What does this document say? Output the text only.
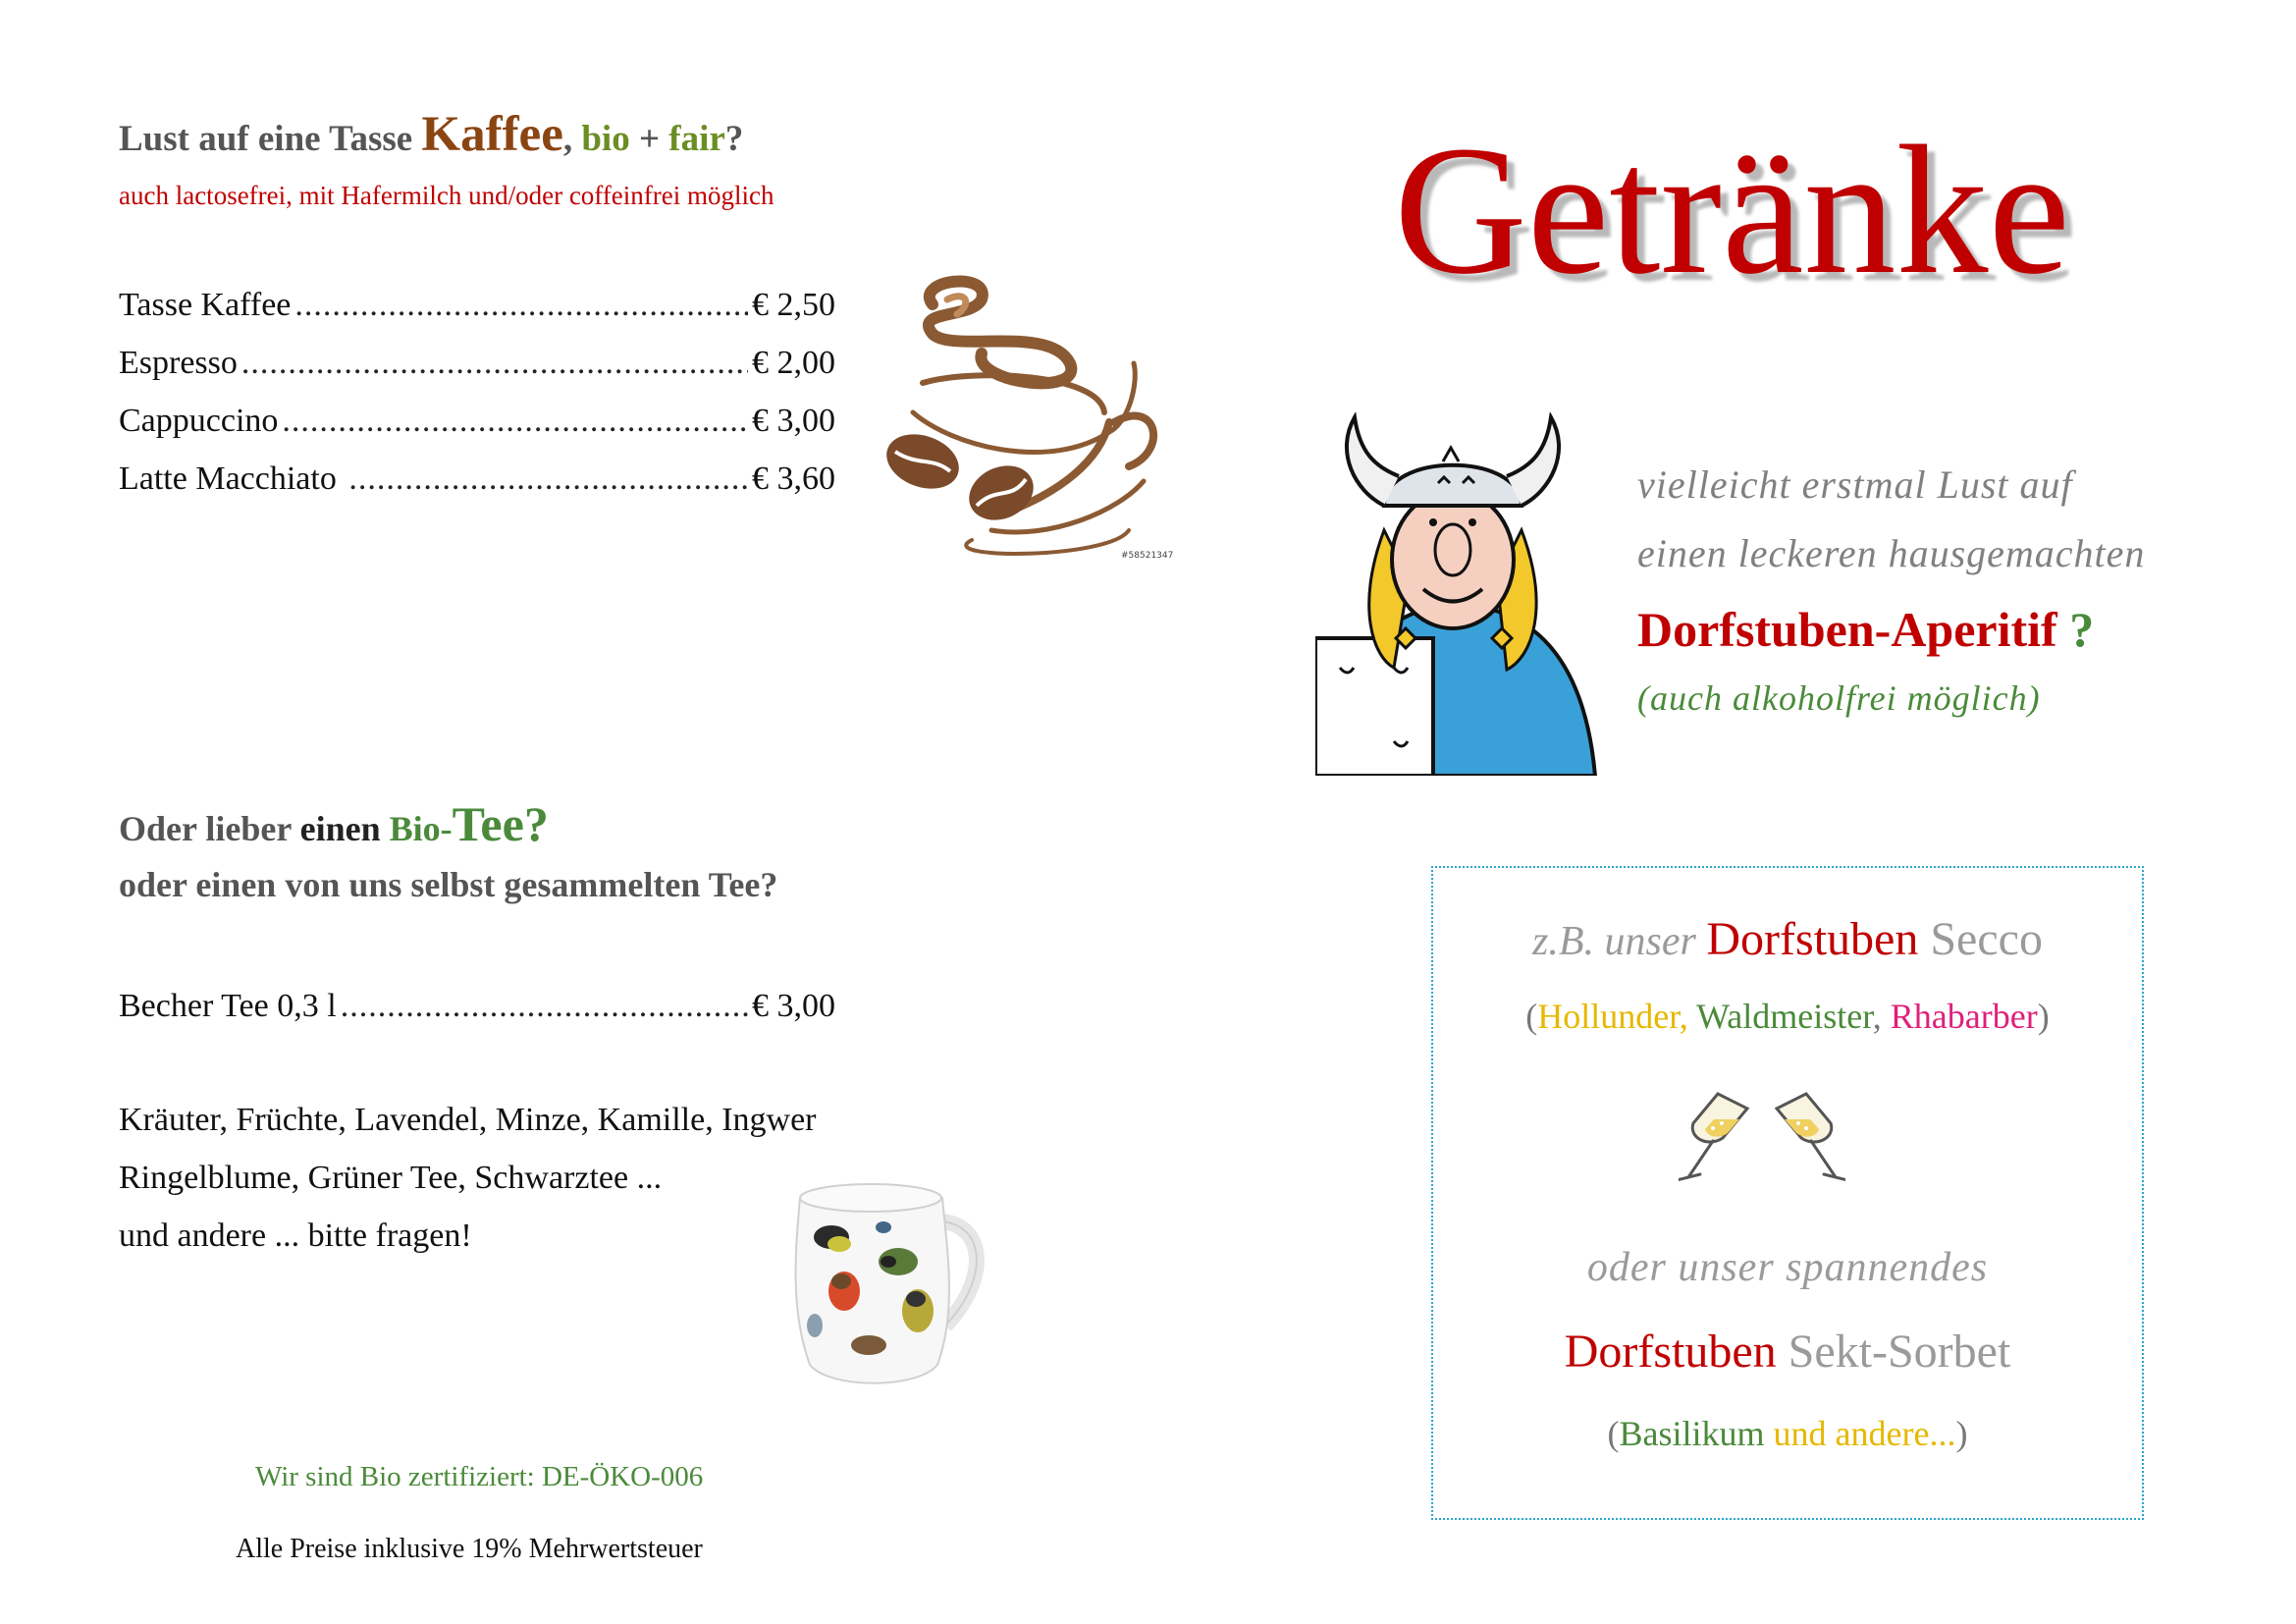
Lust auf eine Tasse Kaffee, bio + fair?
auch lactosefrei, mit Hafermilch und/oder coffeinfrei möglich
Tasse Kaffee .....	€ 2,50
Espresso .....	€ 2,00
Cappuccino .....	€ 3,00
Latte Macchiato .....	€ 3,60
#58521347
Oder lieber einen Bio-Tee?
oder einen von uns selbst gesammelten Tee?
Becher Tee 0,3 l .....	€ 3,00
Kräuter, Früchte, Lavendel, Minze, Kamille, Ingwer
Ringelblume, Grüner Tee, Schwarztee ...
und andere ... bitte fragen!
Wir sind Bio zertifiziert: DE-ÖKO-006
Alle Preise inklusive 19% Mehrwertsteuer
Getränke
vielleicht erstmal Lust auf
einen leckeren hausgemachten
Dorfstuben-Aperitif ?
(auch alkoholfrei möglich)
z.B. unser Dorfstuben Secco
(Hollunder, Waldmeister, Rhabarber)
oder unser spannendes
Dorfstuben Sekt-Sorbet
(Basilikum und andere...)
